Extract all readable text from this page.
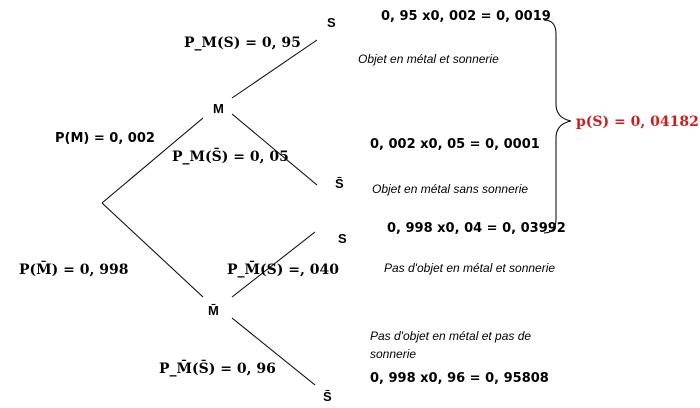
M
M̄
S
S̄
S
S̄
P(M) = 0, 002
P(M̄) = 0, 998
P_M(S) = 0, 95
P_M(S̄) = 0, 05
P_M̄(S) =, 040
P_M̄(S̄) = 0, 96
0, 95 x0, 002 = 0, 0019
0, 002 x0, 05 = 0, 0001
0, 998 x0, 04 = 0, 03992
0, 998 x0, 96 = 0, 95808
Objet en métal et sonnerie
Objet en métal sans sonnerie
Pas d'objet en métal et sonnerie
Pas d'objet en métal et pas de
sonnerie
p(S) = 0, 04182
